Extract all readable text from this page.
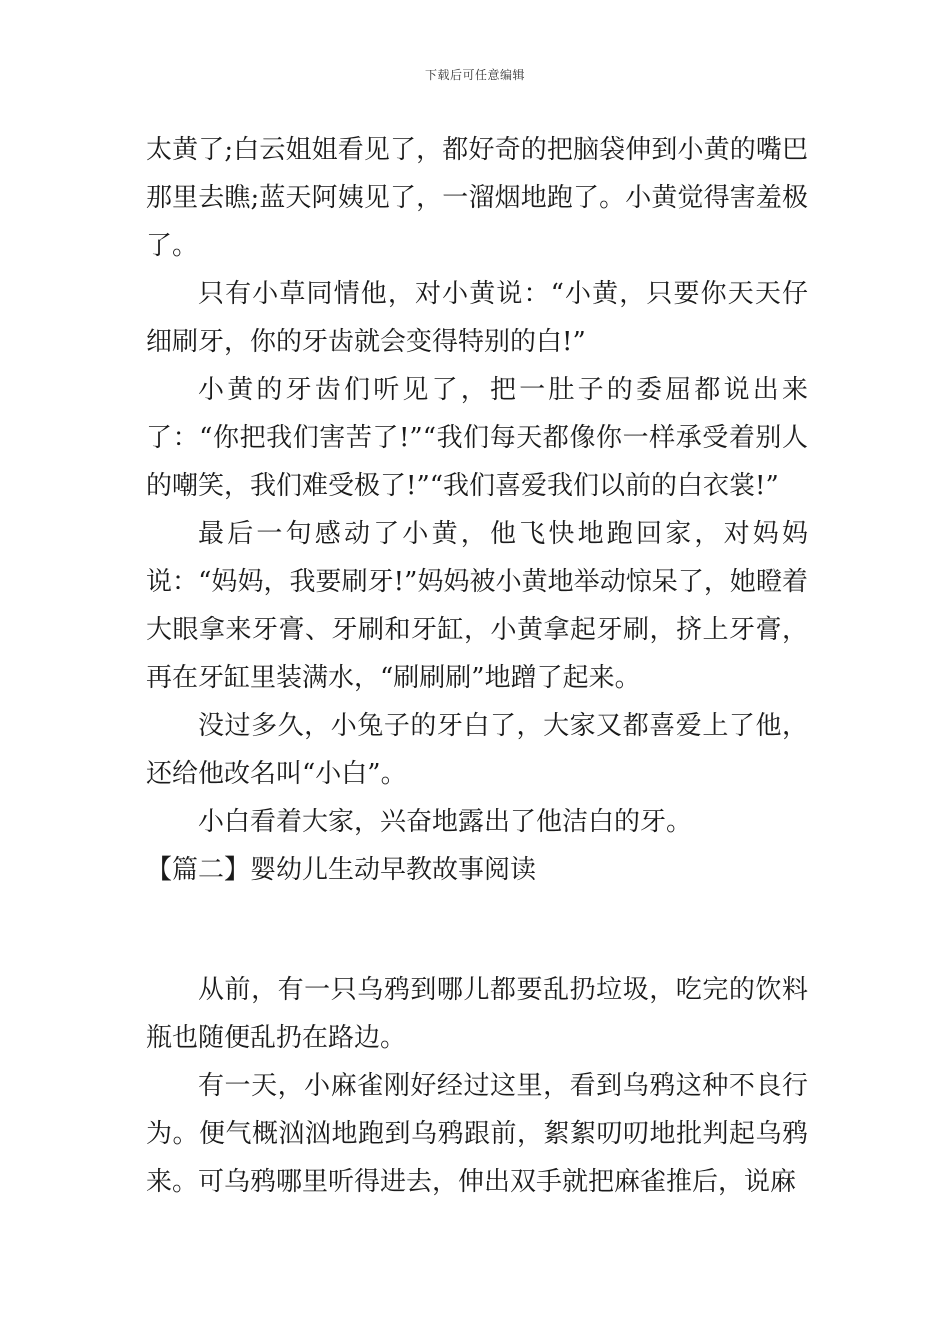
下载后可任意编辑

太黄了;白云姐姐看见了，都好奇的把脑袋伸到小黄的嘴巴那里去瞧;蓝天阿姨见了，一溜烟地跑了。小黄觉得害羞极了。

只有小草同情他，对小黄说：“小黄，只要你天天仔细刷牙，你的牙齿就会变得特别的白!”

小黄的牙齿们听见了，把一肚子的委屈都说出来了：“你把我们害苦了!”“我们每天都像你一样承受着别人的嘲笑，我们难受极了!”“我们喜爱我们以前的白衣裳!”

最后一句感动了小黄，他飞快地跑回家，对妈妈说：“妈妈，我要刷牙!”妈妈被小黄地举动惊呆了，她瞪着大眼拿来牙膏、牙刷和牙缸，小黄拿起牙刷，挤上牙膏，再在牙缸里装满水，“刷刷刷”地蹭了起来。

没过多久，小兔子的牙白了，大家又都喜爱上了他，还给他改名叫“小白”。

小白看着大家，兴奋地露出了他洁白的牙。

【篇二】婴幼儿生动早教故事阅读

从前，有一只乌鸦到哪儿都要乱扔垃圾，吃完的饮料瓶也随便乱扔在路边。

有一天，小麻雀刚好经过这里，看到乌鸦这种不良行为。便气概汹汹地跑到乌鸦跟前，絮絮叨叨地批判起乌鸦来。可乌鸦哪里听得进去，伸出双手就把麻雀推后，说麻
